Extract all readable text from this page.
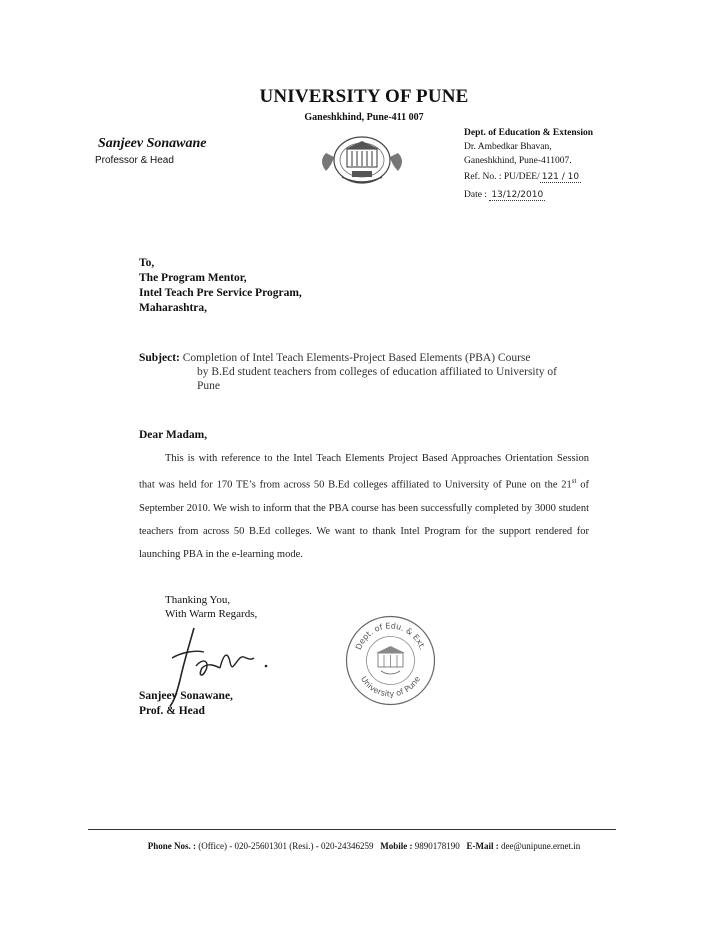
UNIVERSITY OF PUNE
Ganeshkhind, Pune-411 007
Sanjeev Sonawane
Professor & Head
Dept. of Education & Extension
Dr. Ambedkar Bhavan,
Ganeshkhind, Pune-411007.
Ref. No. : PU/DEE/ 121 / 10
Date : 13/12/2010
To,
The Program Mentor,
Intel Teach Pre Service Program,
Maharashtra,
Subject: Completion of Intel Teach Elements-Project Based Elements (PBA) Course
by B.Ed student teachers from colleges of education affiliated to University of Pune
Dear Madam,
This is with reference to the Intel Teach Elements Project Based Approaches Orientation Session that was held for 170 TE’s from across 50 B.Ed colleges affiliated to University of Pune on the 21st of September 2010. We wish to inform that the PBA course has been successfully completed by 3000 student teachers from across 50 B.Ed colleges. We want to thank Intel Program for the support rendered for launching PBA in the e-learning mode.
Thanking You,
With Warm Regards,
Sanjeev Sonawane,
Prof. & Head
Dept. of Edu. & Ext.
University of Pune
Phone Nos. : (Office) - 020-25601301 (Resi.) - 020-24346259 Mobile : 9890178190 E-Mail : dee@unipune.ernet.in
